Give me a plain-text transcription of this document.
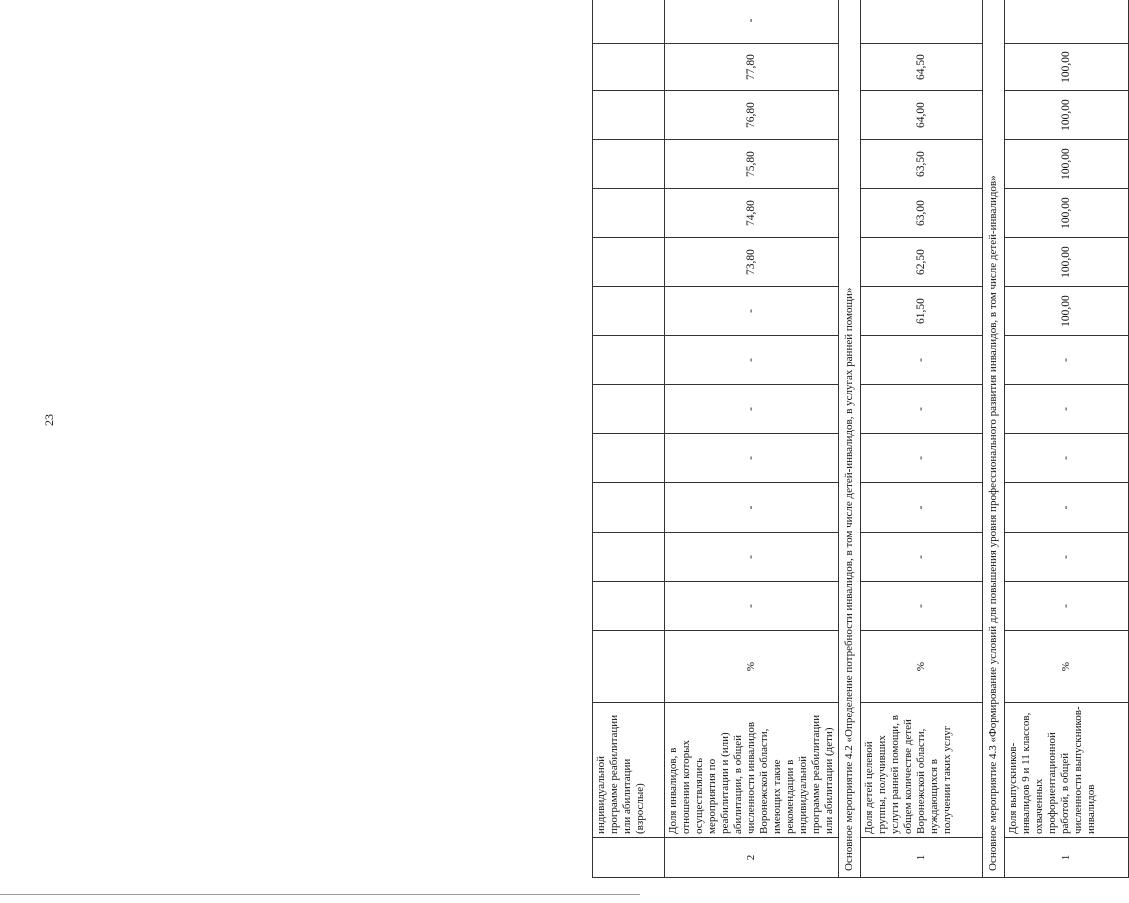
23
	индивидуальной программе реабилитации или абилитации (взрослые)														
2	Доля инвалидов, в отношении которых осуществлялись мероприятия по реабилитации и (или) абилитации, в общей численности инвалидов Воронежской области, имеющих такие рекомендации в индивидуальной программе реабилитации или абилитации (дети)	%	-	-	-	-	-	-	-	73,80	74,80	75,80	76,80	77,80	-
Основное мероприятие 4.2 «Определение потребности инвалидов, в том числе детей-инвалидов, в услугах ранней помощи»															
1	Доля детей целевой группы, получивших услуги ранней помощи, в общем количестве детей Воронежской области, нуждающихся в получении таких услуг	%	-	-	-	-	-	-	61,50	62,50	63,00	63,50	64,00	64,50	
Основное мероприятие 4.3 «Формирование условий для повышения уровня профессионального развития инвалидов, в том числе детей-инвалидов»															
1	Доля выпускников-инвалидов 9 и 11 классов, охваченных профориентационной работой, в общей численности выпускников-инвалидов	%	-	-	-	-	-	-	100,00	100,00	100,00	100,00	100,00	100,00	
